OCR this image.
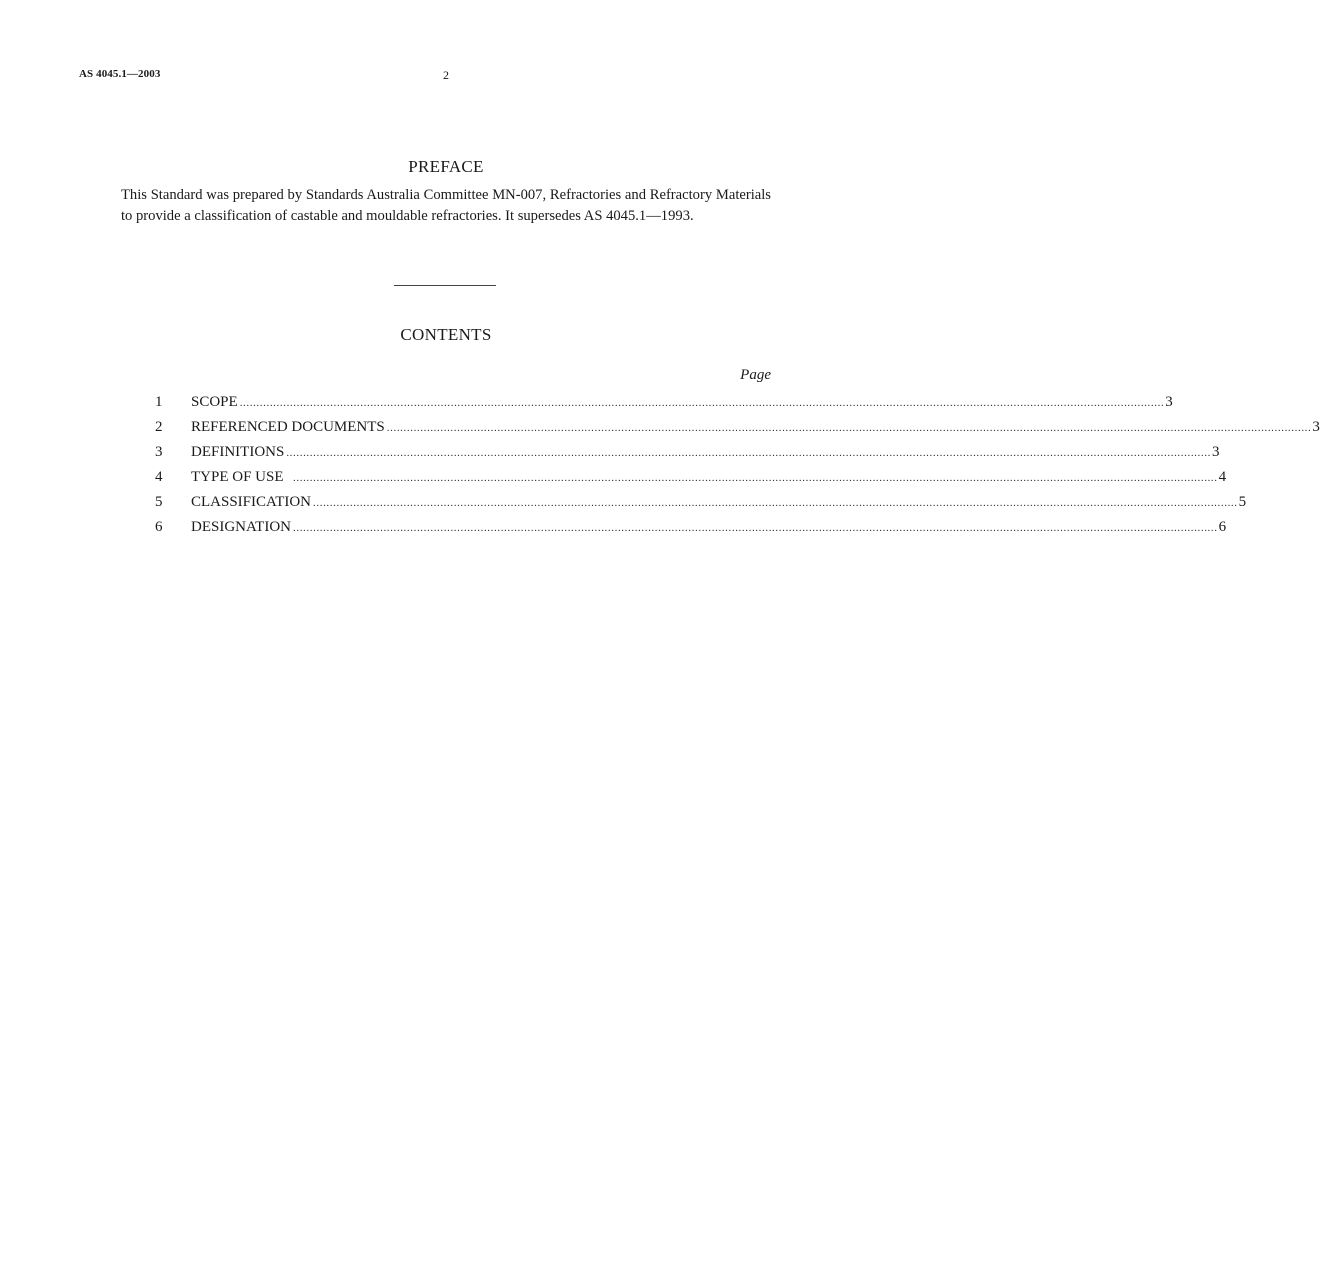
AS 4045.1—2003	2
PREFACE

This Standard was prepared by Standards Australia Committee MN-007, Refractories and Refractory Materials to provide a classification of castable and mouldable refractories. It supersedes AS 4045.1—1993.

CONTENTS
Page
1	SCOPE .................................................................................................................................................................................................................................................................................... 3
2	REFERENCED DOCUMENTS .................................................................................................................................................................................................................................................................................... 3
3	DEFINITIONS .................................................................................................................................................................................................................................................................................... 3
4	TYPE OF USE .................................................................................................................................................................................................................................................................................... 4
5	CLASSIFICATION .................................................................................................................................................................................................................................................................................... 5
6	DESIGNATION .................................................................................................................................................................................................................................................................................... 6
